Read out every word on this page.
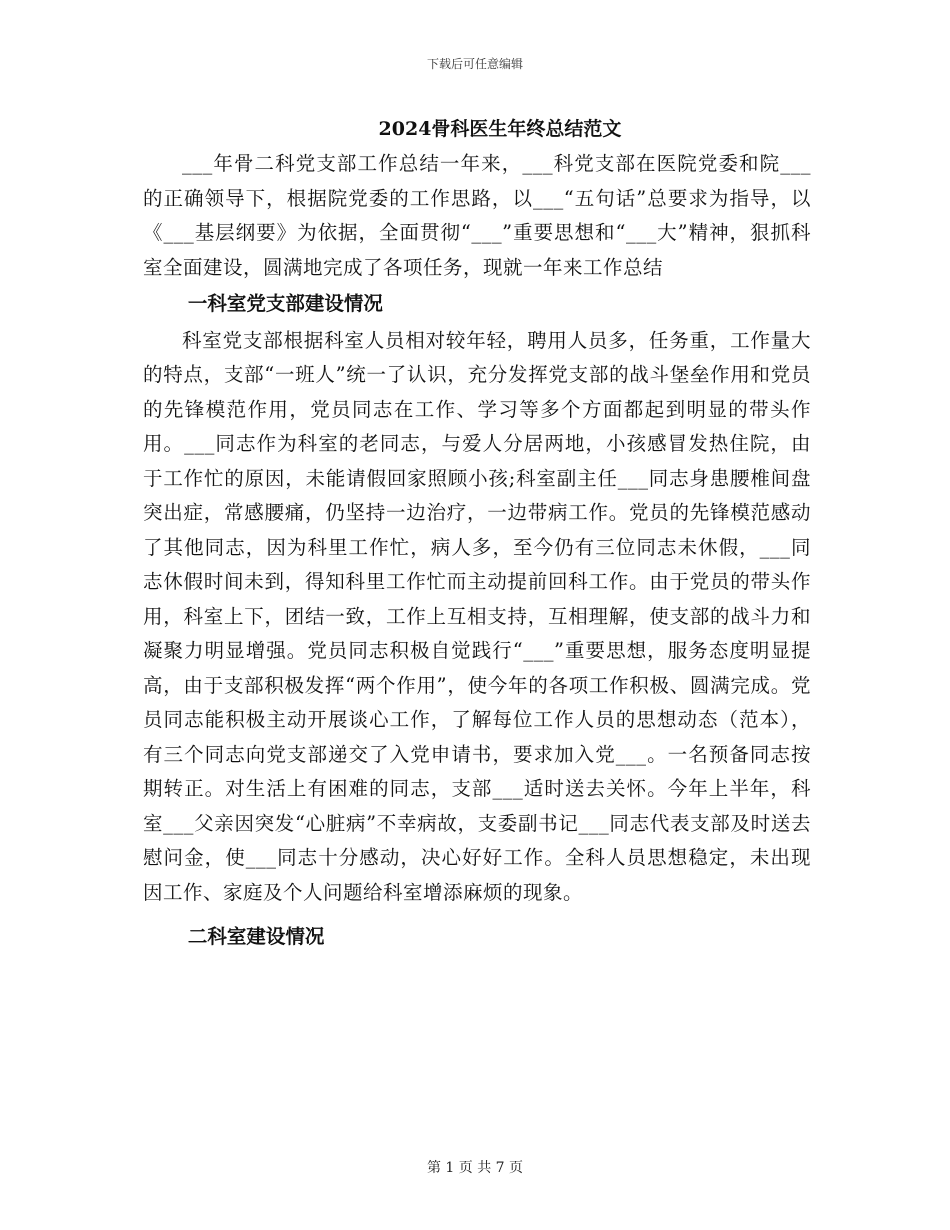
下载后可任意编辑
2024骨科医生年终总结范文

___年骨二科党支部工作总结一年来，___科党支部在医院党委和院___的正确领导下，根据院党委的工作思路，以___“五句话”总要求为指导，以《___基层纲要》为依据，全面贯彻“___”重要思想和“___大”精神，狠抓科室全面建设，圆满地完成了各项任务，现就一年来工作总结

一科室党支部建设情况

科室党支部根据科室人员相对较年轻，聘用人员多，任务重，工作量大的特点，支部“一班人”统一了认识，充分发挥党支部的战斗堡垒作用和党员的先锋模范作用，党员同志在工作、学习等多个方面都起到明显的带头作用。___同志作为科室的老同志，与爱人分居两地，小孩感冒发热住院，由于工作忙的原因，未能请假回家照顾小孩;科室副主任___同志身患腰椎间盘突出症，常感腰痛，仍坚持一边治疗，一边带病工作。党员的先锋模范感动了其他同志，因为科里工作忙，病人多，至今仍有三位同志未休假，___同志休假时间未到，得知科里工作忙而主动提前回科工作。由于党员的带头作用，科室上下，团结一致，工作上互相支持，互相理解，使支部的战斗力和凝聚力明显增强。党员同志积极自觉践行“___”重要思想，服务态度明显提高，由于支部积极发挥“两个作用”，使今年的各项工作积极、圆满完成。党员同志能积极主动开展谈心工作，了解每位工作人员的思想动态（范本），有三个同志向党支部递交了入党申请书，要求加入党___。一名预备同志按期转正。对生活上有困难的同志，支部___适时送去关怀。今年上半年，科室___父亲因突发“心脏病”不幸病故，支委副书记___同志代表支部及时送去慰问金，使___同志十分感动，决心好好工作。全科人员思想稳定，未出现因工作、家庭及个人问题给科室增添麻烦的现象。

二科室建设情况

第 1 页 共 7 页
